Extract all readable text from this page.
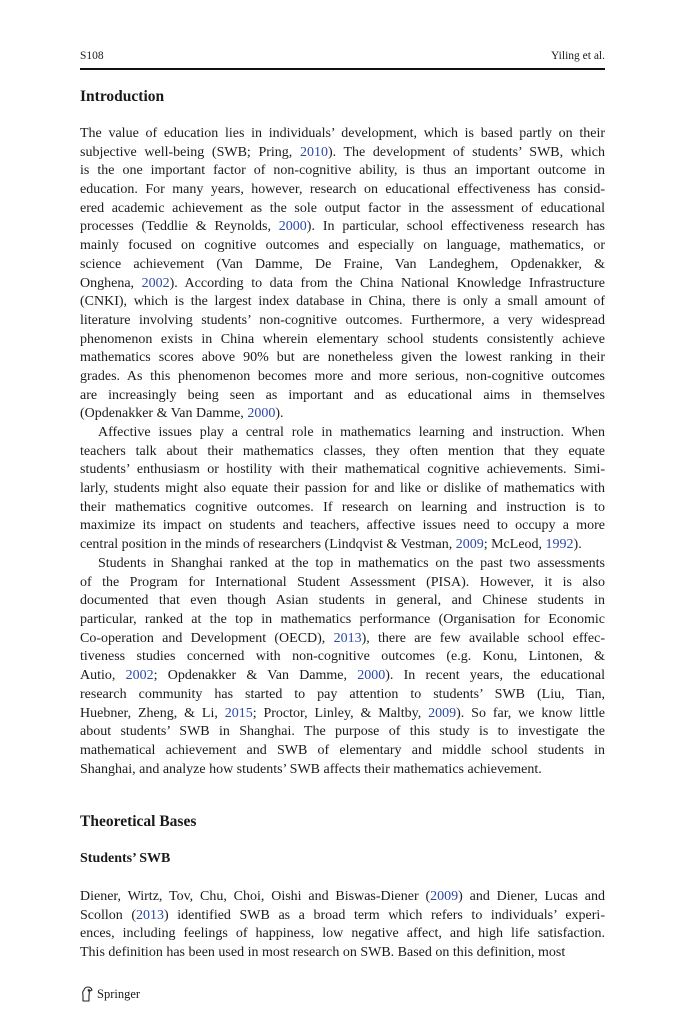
S108	Yiling et al.
Introduction
The value of education lies in individuals’ development, which is based partly on their
subjective well-being (SWB; Pring, 2010). The development of students’ SWB, which
is the one important factor of non-cognitive ability, is thus an important outcome in
education. For many years, however, research on educational effectiveness has consid-
ered academic achievement as the sole output factor in the assessment of educational
processes (Teddlie & Reynolds, 2000). In particular, school effectiveness research has
mainly focused on cognitive outcomes and especially on language, mathematics, or
science achievement (Van Damme, De Fraine, Van Landeghem, Opdenakker, &
Onghena, 2002). According to data from the China National Knowledge Infrastructure
(CNKI), which is the largest index database in China, there is only a small amount of
literature involving students’ non-cognitive outcomes. Furthermore, a very widespread
phenomenon exists in China wherein elementary school students consistently achieve
mathematics scores above 90% but are nonetheless given the lowest ranking in their
grades. As this phenomenon becomes more and more serious, non-cognitive outcomes
are increasingly being seen as important and as educational aims in themselves
(Opdenakker & Van Damme, 2000).
Affective issues play a central role in mathematics learning and instruction. When
teachers talk about their mathematics classes, they often mention that they equate
students’ enthusiasm or hostility with their mathematical cognitive achievements. Simi-
larly, students might also equate their passion for and like or dislike of mathematics with
their mathematics cognitive outcomes. If research on learning and instruction is to
maximize its impact on students and teachers, affective issues need to occupy a more
central position in the minds of researchers (Lindqvist & Vestman, 2009; McLeod, 1992).
Students in Shanghai ranked at the top in mathematics on the past two assessments
of the Program for International Student Assessment (PISA). However, it is also
documented that even though Asian students in general, and Chinese students in
particular, ranked at the top in mathematics performance (Organisation for Economic
Co-operation and Development (OECD), 2013), there are few available school effec-
tiveness studies concerned with non-cognitive outcomes (e.g. Konu, Lintonen, &
Autio, 2002; Opdenakker & Van Damme, 2000). In recent years, the educational
research community has started to pay attention to students’ SWB (Liu, Tian,
Huebner, Zheng, & Li, 2015; Proctor, Linley, & Maltby, 2009). So far, we know little
about students’ SWB in Shanghai. The purpose of this study is to investigate the
mathematical achievement and SWB of elementary and middle school students in
Shanghai, and analyze how students’ SWB affects their mathematics achievement.
Theoretical Bases
Students’ SWB
Diener, Wirtz, Tov, Chu, Choi, Oishi and Biswas-Diener (2009) and Diener, Lucas and
Scollon (2013) identified SWB as a broad term which refers to individuals’ experi-
ences, including feelings of happiness, low negative affect, and high life satisfaction.
This definition has been used in most research on SWB. Based on this definition, most
Springer
